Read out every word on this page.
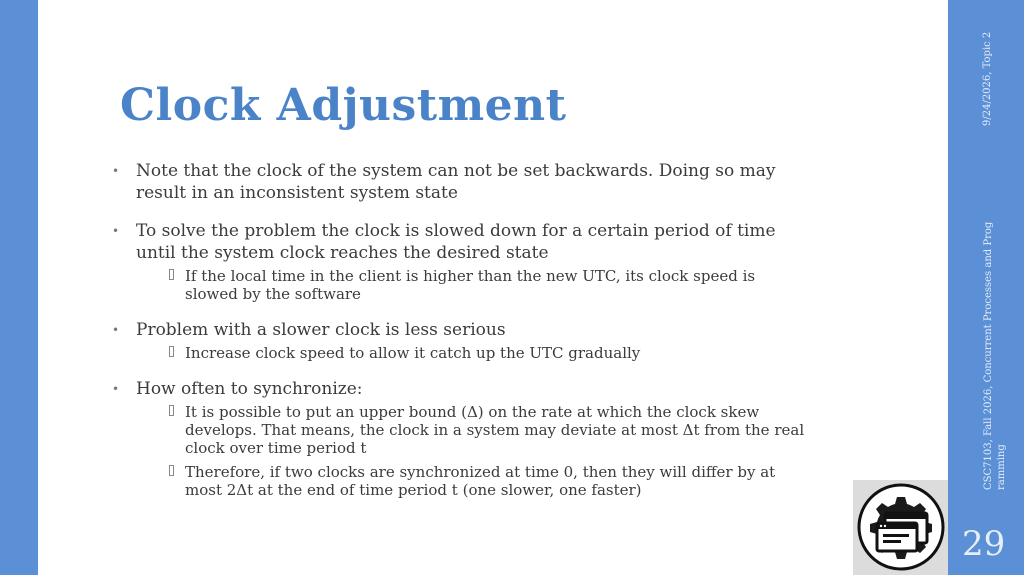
9/24/2026, Topic 2
CSC7103, Fall 2026, Concurrent Processes and Prog ramming
29
Clock Adjustment
• Note that the clock of the system can not be set backwards. Doing so may result in an inconsistent system state
• To solve the problem the clock is slowed down for a certain period of time until the system clock reaches the desired state
If the local time in the client is higher than the new UTC, its clock speed is slowed by the software
• Problem with a slower clock is less serious
Increase clock speed to allow it catch up the UTC gradually
• How often to synchronize:
It is possible to put an upper bound (Δ) on the rate at which the clock skew develops. That means, the clock in a system may deviate at most Δt from the real clock over time period t
Therefore, if two clocks are synchronized at time 0, then they will differ by at most 2Δt at the end of time period t (one slower, one faster)
